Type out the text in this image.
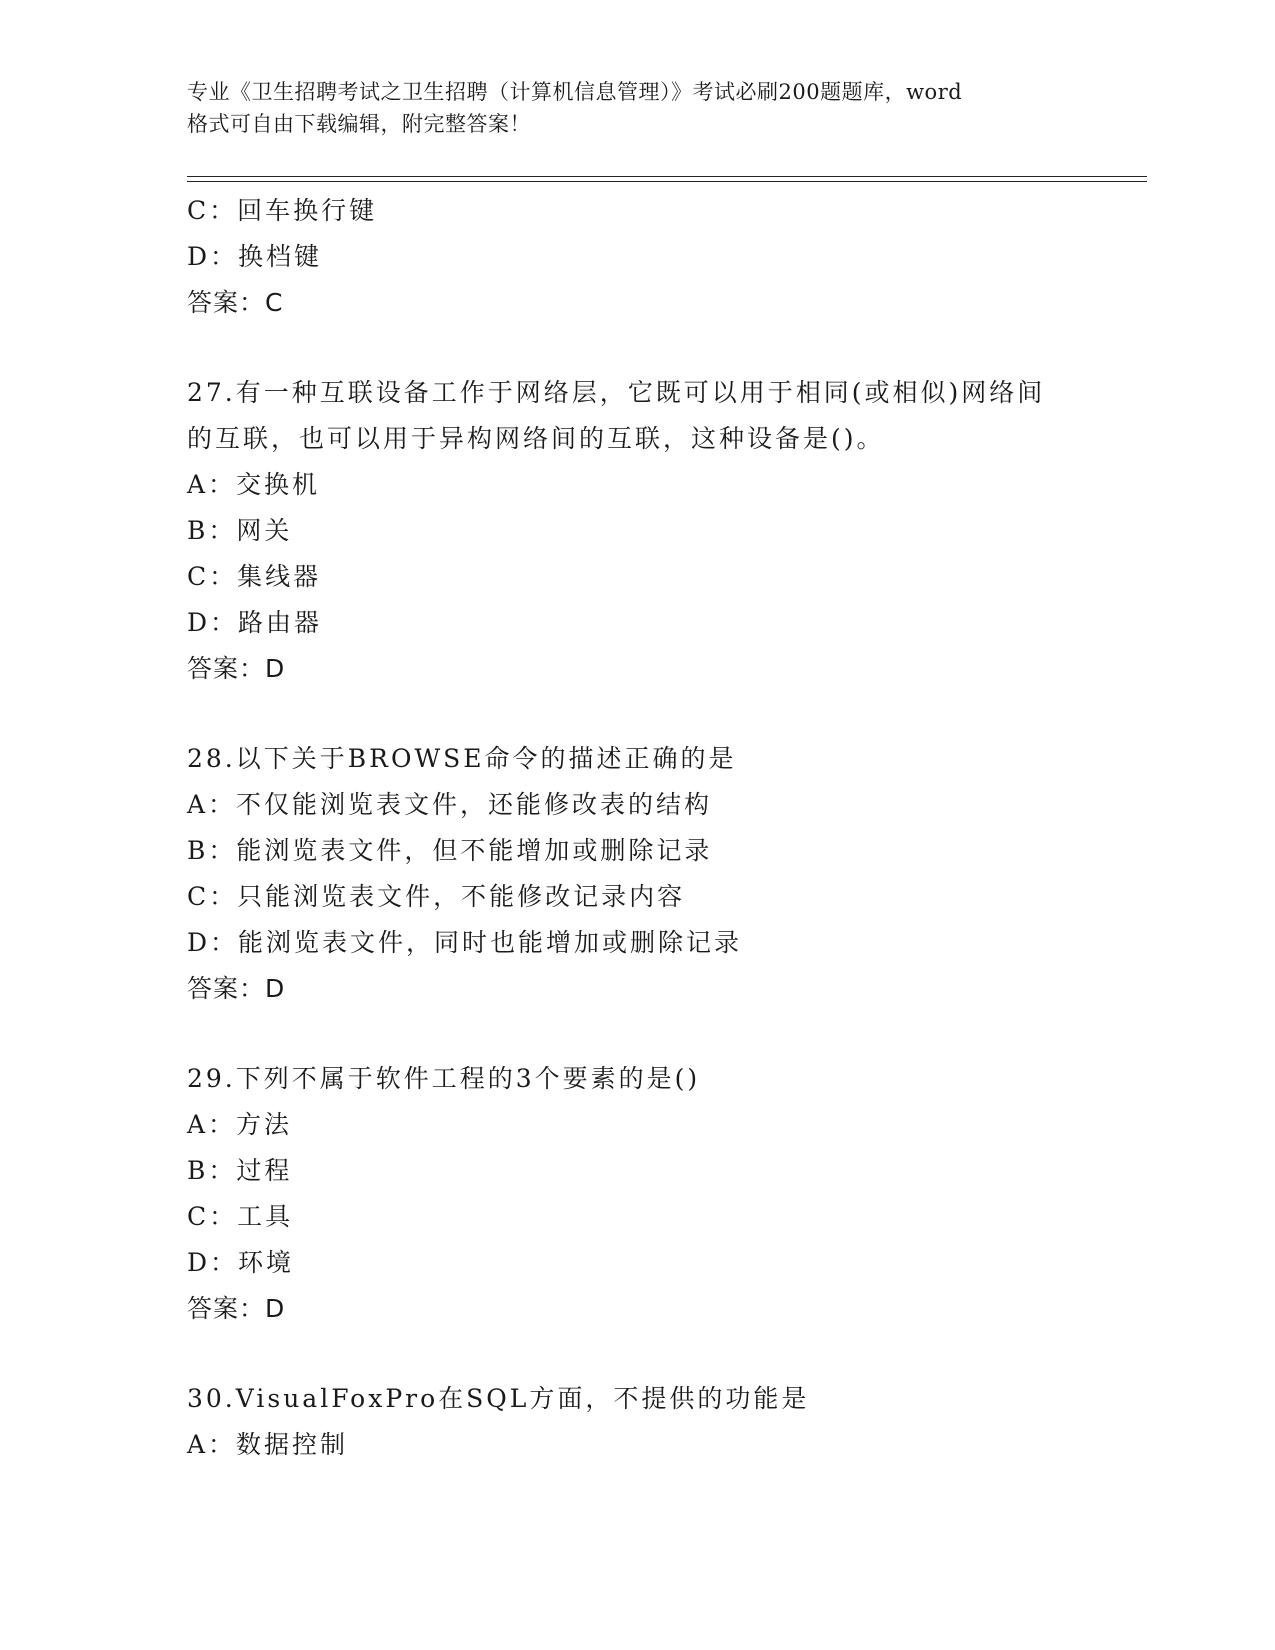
专业《卫生招聘考试之卫生招聘（计算机信息管理）》考试必刷200题题库，word
格式可自由下载编辑，附完整答案！
C：回车换行键
D：换档键
答案：C
27.有一种互联设备工作于网络层，它既可以用于相同(或相似)网络间
的互联，也可以用于异构网络间的互联，这种设备是()。
A：交换机
B：网关
C：集线器
D：路由器
答案：D
28.以下关于BROWSE命令的描述正确的是
A：不仅能浏览表文件，还能修改表的结构
B：能浏览表文件，但不能增加或删除记录
C：只能浏览表文件，不能修改记录内容
D：能浏览表文件，同时也能增加或删除记录
答案：D
29.下列不属于软件工程的3个要素的是()
A：方法
B：过程
C：工具
D：环境
答案：D
30.VisualFoxPro在SQL方面，不提供的功能是
A：数据控制
